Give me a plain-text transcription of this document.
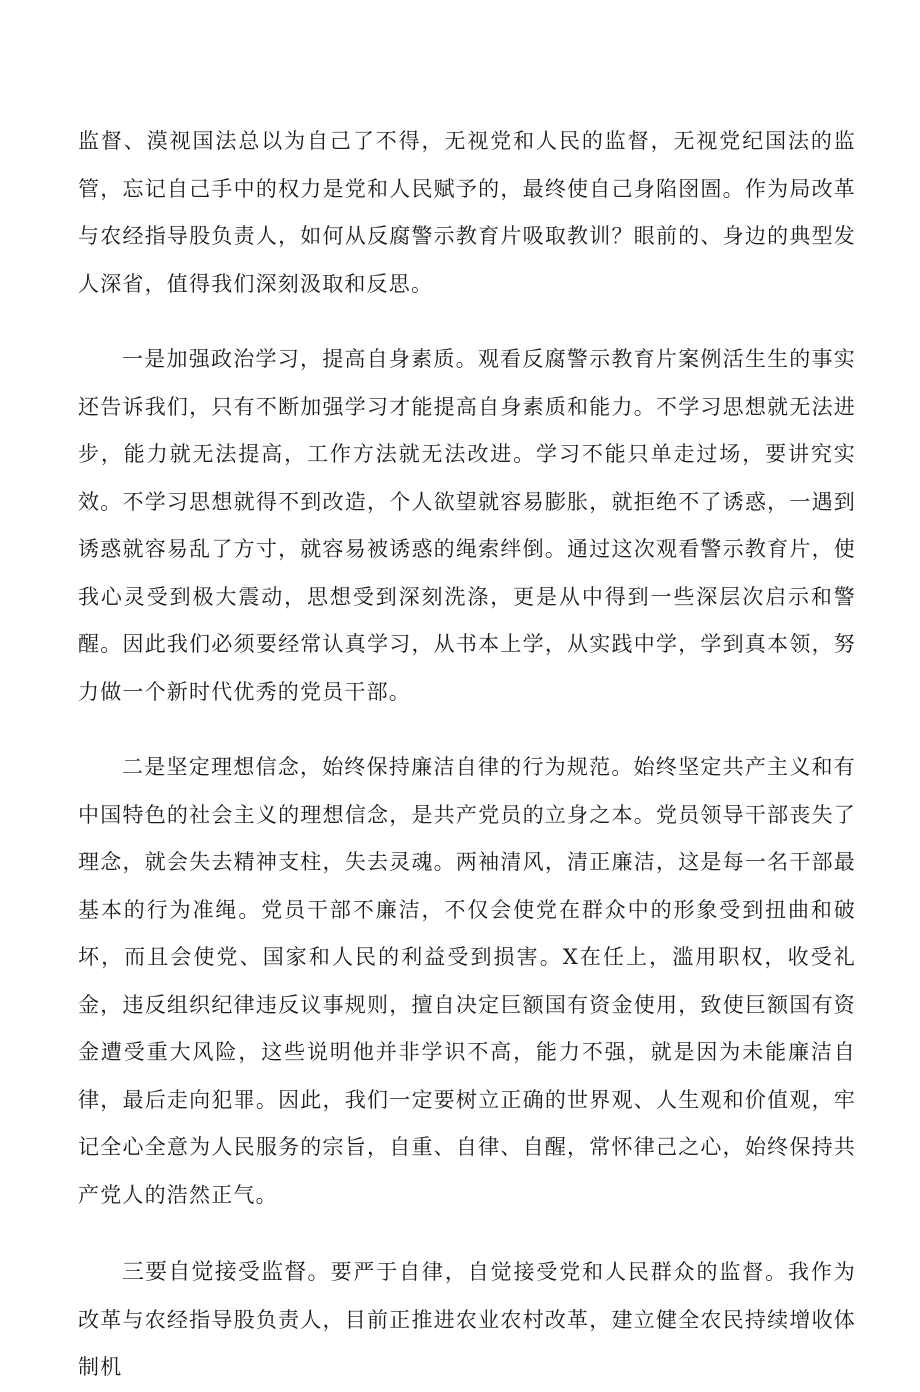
监督、漠视国法总以为自己了不得，无视党和人民的监督，无视党纪国法的监管，忘记自己手中的权力是党和人民赋予的，最终使自己身陷囹圄。作为局改革与农经指导股负责人，如何从反腐警示教育片吸取教训？眼前的、身边的典型发人深省，值得我们深刻汲取和反思。

一是加强政治学习，提高自身素质。观看反腐警示教育片案例活生生的事实还告诉我们，只有不断加强学习才能提高自身素质和能力。不学习思想就无法进步，能力就无法提高，工作方法就无法改进。学习不能只单走过场，要讲究实效。不学习思想就得不到改造，个人欲望就容易膨胀，就拒绝不了诱惑，一遇到诱惑就容易乱了方寸，就容易被诱惑的绳索绊倒。通过这次观看警示教育片，使我心灵受到极大震动，思想受到深刻洗涤，更是从中得到一些深层次启示和警醒。因此我们必须要经常认真学习，从书本上学，从实践中学，学到真本领，努力做一个新时代优秀的党员干部。

二是坚定理想信念，始终保持廉洁自律的行为规范。始终坚定共产主义和有中国特色的社会主义的理想信念，是共产党员的立身之本。党员领导干部丧失了理念，就会失去精神支柱，失去灵魂。两袖清风，清正廉洁，这是每一名干部最基本的行为准绳。党员干部不廉洁，不仅会使党在群众中的形象受到扭曲和破坏，而且会使党、国家和人民的利益受到损害。X在任上，滥用职权，收受礼金，违反组织纪律违反议事规则，擅自决定巨额国有资金使用，致使巨额国有资金遭受重大风险，这些说明他并非学识不高，能力不强，就是因为未能廉洁自律，最后走向犯罪。因此，我们一定要树立正确的世界观、人生观和价值观，牢记全心全意为人民服务的宗旨，自重、自律、自醒，常怀律己之心，始终保持共产党人的浩然正气。

三要自觉接受监督。要严于自律，自觉接受党和人民群众的监督。我作为改革与农经指导股负责人，目前正推进农业农村改革，建立健全农民持续增收体制机
